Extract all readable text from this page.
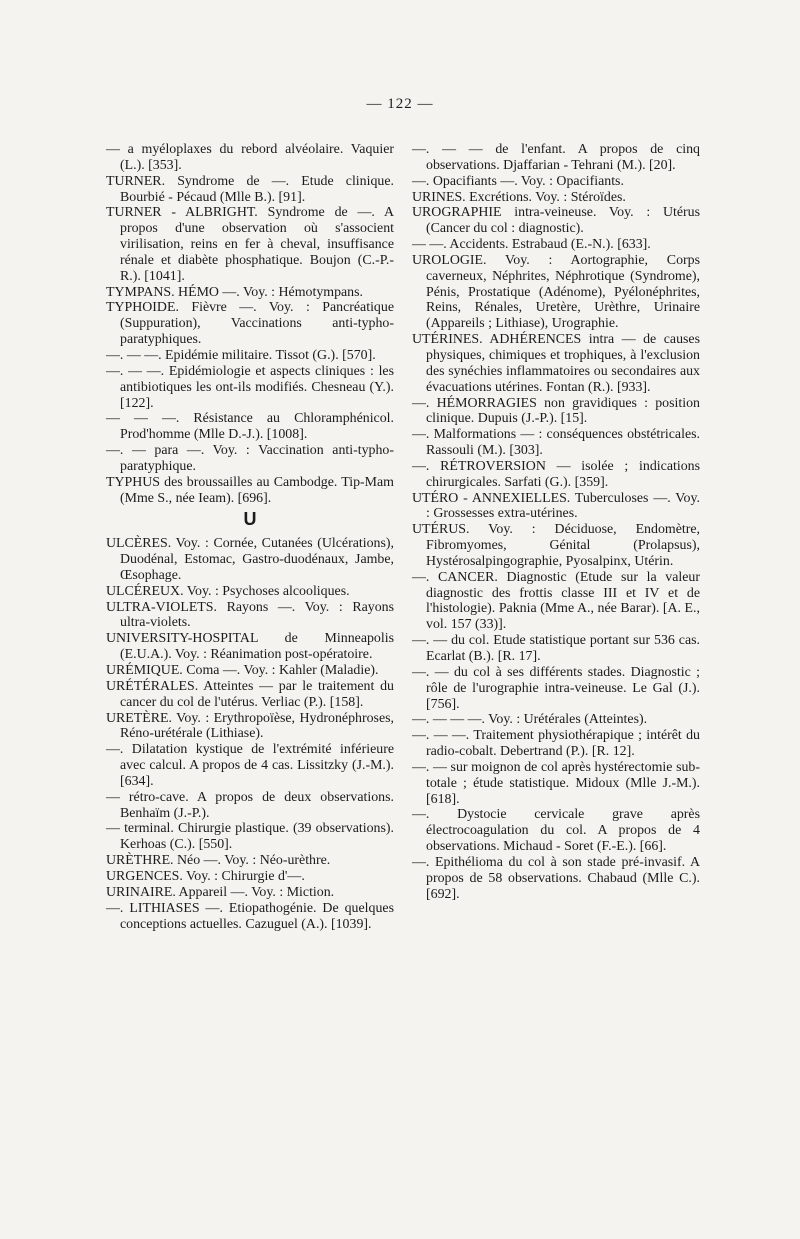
— 122 —

— a myéloplaxes du rebord alvéolaire. Vaquier (L.). [353].

TURNER. Syndrome de —. Etude clinique. Bourbié - Pécaud (Mlle B.). [91].

TURNER - ALBRIGHT. Syndrome de —. A propos d'une observation où s'associent virilisation, reins en fer à cheval, insuffisance rénale et diabète phosphatique. Boujon (C.-P.-R.). [1041].

TYMPANS. HÉMO —. Voy. : Hémotympans.

TYPHOIDE. Fièvre —. Voy. : Pancréatique (Suppuration), Vaccinations anti-typho-paratyphiques.

—. — —. Epidémie militaire. Tissot (G.). [570].

—. — —. Epidémiologie et aspects cliniques : les antibiotiques les ont-ils modifiés. Chesneau (Y.). [122].

— — —. Résistance au Chloramphénicol. Prod'homme (Mlle D.-J.). [1008].

—. — para —. Voy. : Vaccination anti-typho-paratyphique.

TYPHUS des broussailles au Cambodge. Tip-Mam (Mme S., née Ieam). [696].

U

ULCÈRES. Voy. : Cornée, Cutanées (Ulcérations), Duodénal, Estomac, Gastro-duodénaux, Jambe, Œsophage.

ULCÉREUX. Voy. : Psychoses alcooliques.

ULTRA-VIOLETS. Rayons —. Voy. : Rayons ultra-violets.

UNIVERSITY-HOSPITAL de Minneapolis (E.U.A.). Voy. : Réanimation post-opératoire.

URÉMIQUE. Coma —. Voy. : Kahler (Maladie).

URÉTÉRALES. Atteintes — par le traitement du cancer du col de l'utérus. Verliac (P.). [158].

URETÈRE. Voy. : Erythropoïèse, Hydronéphroses, Réno-urétérale (Lithiase).

—. Dilatation kystique de l'extrémité inférieure avec calcul. A propos de 4 cas. Lissitzky (J.-M.). [634].

— rétro-cave. A propos de deux observations. Benhaïm (J.-P.).

— terminal. Chirurgie plastique. (39 observations). Kerhoas (C.). [550].

URÈTHRE. Néo —. Voy. : Néo-urèthre.

URGENCES. Voy. : Chirurgie d'—.

URINAIRE. Appareil —. Voy. : Miction.

—. LITHIASES —. Etiopathogénie. De quelques conceptions actuelles. Cazuguel (A.). [1039].

—. — — de l'enfant. A propos de cinq observations. Djaffarian - Tehrani (M.). [20].

—. Opacifiants —. Voy. : Opacifiants.

URINES. Excrétions. Voy. : Stéroïdes.

UROGRAPHIE intra-veineuse. Voy. : Utérus (Cancer du col : diagnostic).

— —. Accidents. Estrabaud (E.-N.). [633].

UROLOGIE. Voy. : Aortographie, Corps caverneux, Néphrites, Néphrotique (Syndrome), Pénis, Prostatique (Adénome), Pyélonéphrites, Reins, Rénales, Uretère, Urèthre, Urinaire (Appareils ; Lithiase), Urographie.

UTÉRINES. ADHÉRENCES intra — de causes physiques, chimiques et trophiques, à l'exclusion des synéchies inflammatoires ou secondaires aux évacuations utérines. Fontan (R.). [933].

—. HÉMORRAGIES non gravidiques : position clinique. Dupuis (J.-P.). [15].

—. Malformations — : conséquences obstétricales. Rassouli (M.). [303].

—. RÉTROVERSION — isolée ; indications chirurgicales. Sarfati (G.). [359].

UTÉRO - ANNEXIELLES. Tuberculoses —. Voy. : Grossesses extra-utérines.

UTÉRUS. Voy. : Déciduose, Endomètre, Fibromyomes, Génital (Prolapsus), Hystérosalpingographie, Pyosalpinx, Utérin.

—. CANCER. Diagnostic (Etude sur la valeur diagnostic des frottis classe III et IV et de l'histologie). Paknia (Mme A., née Barar). [A. E., vol. 157 (33)].

—. — du col. Etude statistique portant sur 536 cas. Ecarlat (B.). [R. 17].

—. — du col à ses différents stades. Diagnostic ; rôle de l'urographie intra-veineuse. Le Gal (J.). [756].

—. — — —. Voy. : Urétérales (Atteintes).

—. — —. Traitement physiothérapique ; intérêt du radio-cobalt. Debertrand (P.). [R. 12].

—. — sur moignon de col après hystérectomie sub-totale ; étude statistique. Midoux (Mlle J.-M.). [618].

—. Dystocie cervicale grave après électrocoagulation du col. A propos de 4 observations. Michaud - Soret (F.-E.). [66].

—. Epithélioma du col à son stade pré-invasif. A propos de 58 observations. Chabaud (Mlle C.). [692].
